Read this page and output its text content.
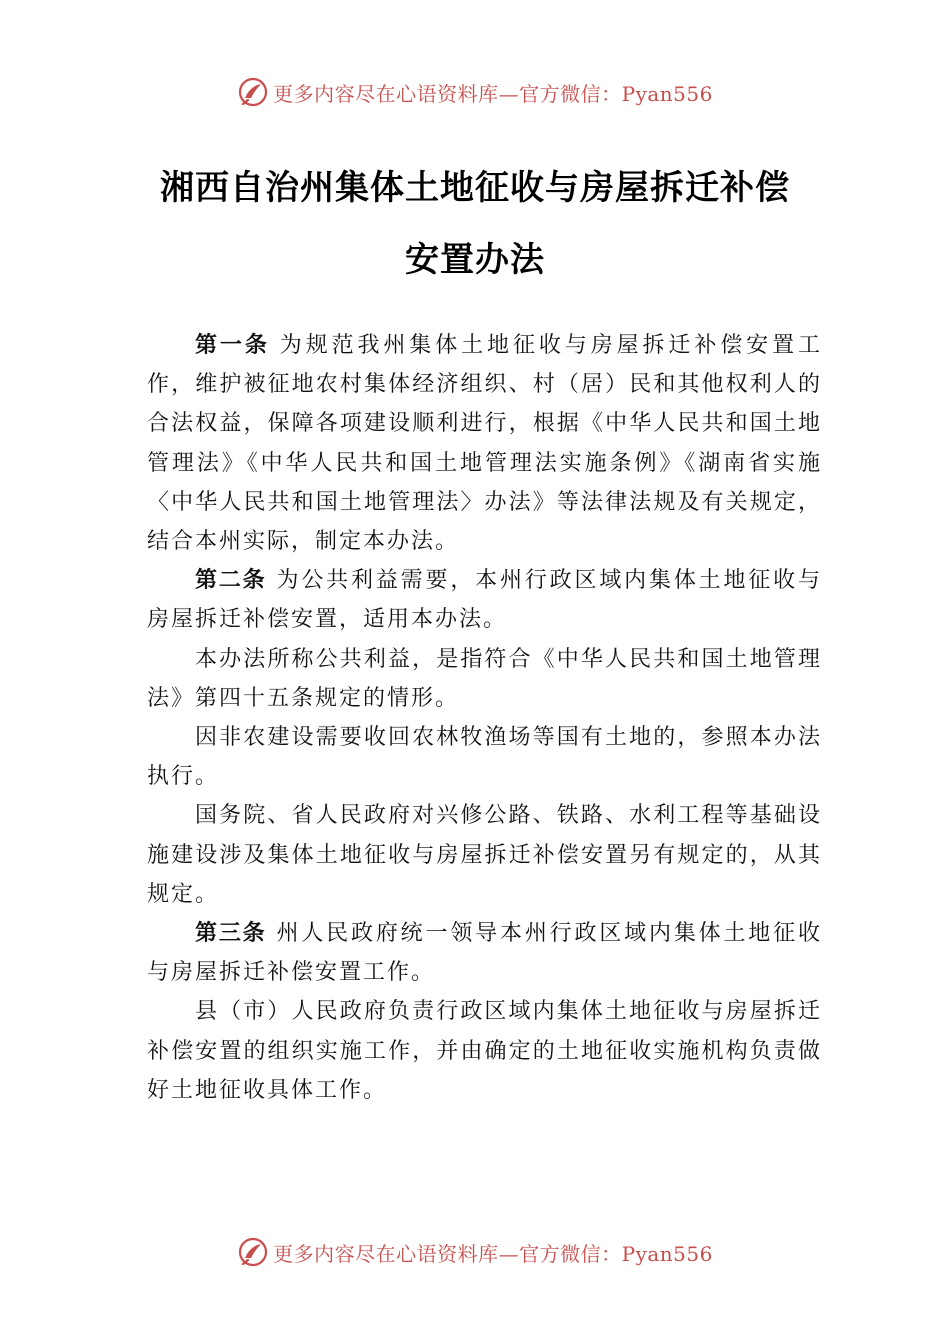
更多内容尽在心语资料库—官方微信：Pyan556
湘西自治州集体土地征收与房屋拆迁补偿
安置办法

第一条 为规范我州集体土地征收与房屋拆迁补偿安置工作，维护被征地农村集体经济组织、村（居）民和其他权利人的合法权益，保障各项建设顺利进行，根据《中华人民共和国土地管理法》《中华人民共和国土地管理法实施条例》《湖南省实施〈中华人民共和国土地管理法〉办法》等法律法规及有关规定，结合本州实际，制定本办法。

第二条 为公共利益需要，本州行政区域内集体土地征收与房屋拆迁补偿安置，适用本办法。

本办法所称公共利益，是指符合《中华人民共和国土地管理法》第四十五条规定的情形。

因非农建设需要收回农林牧渔场等国有土地的，参照本办法执行。

国务院、省人民政府对兴修公路、铁路、水利工程等基础设施建设涉及集体土地征收与房屋拆迁补偿安置另有规定的，从其规定。

第三条 州人民政府统一领导本州行政区域内集体土地征收与房屋拆迁补偿安置工作。

县（市）人民政府负责行政区域内集体土地征收与房屋拆迁补偿安置的组织实施工作，并由确定的土地征收实施机构负责做好土地征收具体工作。

更多内容尽在心语资料库—官方微信：Pyan556
